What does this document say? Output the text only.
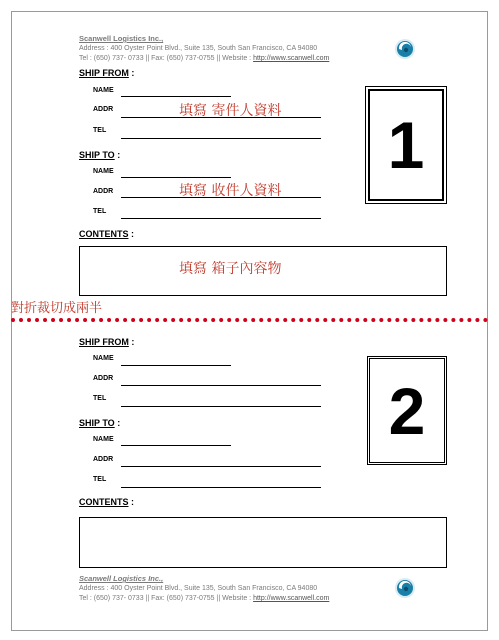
Scanwell Logistics Inc.,
Address : 400 Oyster Point Blvd., Suite 135, South San Francisco, CA 94080
Tel : (650) 737- 0733 || Fax: (650) 737-0755 || Website : http://www.scanwell.com
SHIP FROM :
NAME
ADDR
TEL
填寫 寄件人資料
SHIP TO :
NAME
ADDR
TEL
填寫 收件人資料
CONTENTS :
填寫 箱子內容物
1
對折裁切成兩半
SHIP FROM :
NAME
ADDR
TEL
SHIP TO :
NAME
ADDR
TEL
CONTENTS :
2
Scanwell Logistics Inc.,
Address : 400 Oyster Point Blvd., Suite 135, South San Francisco, CA 94080
Tel : (650) 737- 0733 || Fax: (650) 737-0755 || Website : http://www.scanwell.com
